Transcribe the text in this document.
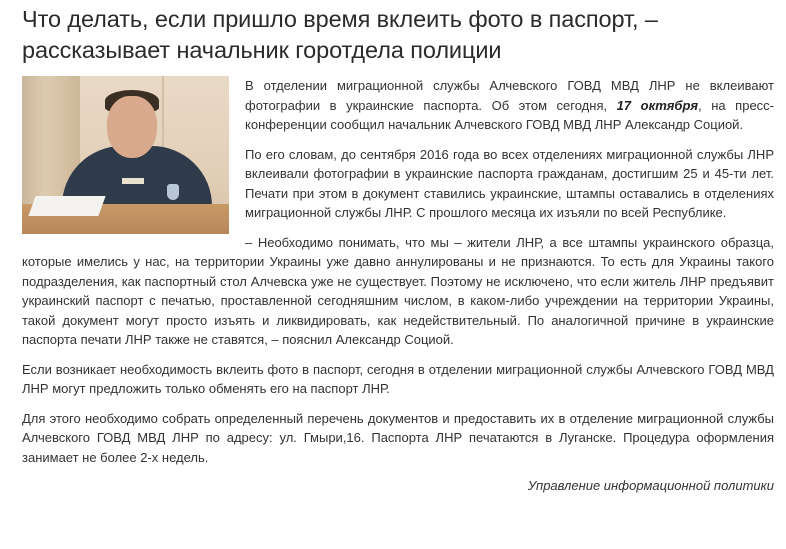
Что делать, если пришло время вклеить фото в паспорт, – рассказывает начальник горотдела полиции

В отделении миграционной службы Алчевского ГОВД МВД ЛНР не вклеивают фотографии в украинские паспорта. Об этом сегодня, 17 октября, на пресс-конференции сообщил начальник Алчевского ГОВД МВД ЛНР Александр Социой.

По его словам, до сентября 2016 года во всех отделениях миграционной службы ЛНР вклеивали фотографии в украинские паспорта гражданам, достигшим 25 и 45-ти лет. Печати при этом в документ ставились украинские, штампы оставались в отделениях миграционной службы ЛНР. С прошлого месяца их изъяли по всей Республике.

– Необходимо понимать, что мы – жители ЛНР, а все штампы украинского образца, которые имелись у нас, на территории Украины уже давно аннулированы и не признаются. То есть для Украины такого подразделения, как паспортный стол Алчевска уже не существует. Поэтому не исключено, что если житель ЛНР предъявит украинский паспорт с печатью, проставленной сегодняшним числом, в каком-либо учреждении на территории Украины, такой документ могут просто изъять и ликвидировать, как недействительный. По аналогичной причине в украинские паспорта печати ЛНР также не ставятся, – пояснил Александр Социой.

Если возникает необходимость вклеить фото в паспорт, сегодня в отделении миграционной службы Алчевского ГОВД МВД ЛНР могут предложить только обменять его на паспорт ЛНР.

Для этого необходимо собрать определенный перечень документов и предоставить их в отделение миграционной службы Алчевского ГОВД МВД ЛНР по адресу: ул. Гмыри,16. Паспорта ЛНР печатаются в Луганске. Процедура оформления занимает не более 2-х недель.

Управление информационной политики
